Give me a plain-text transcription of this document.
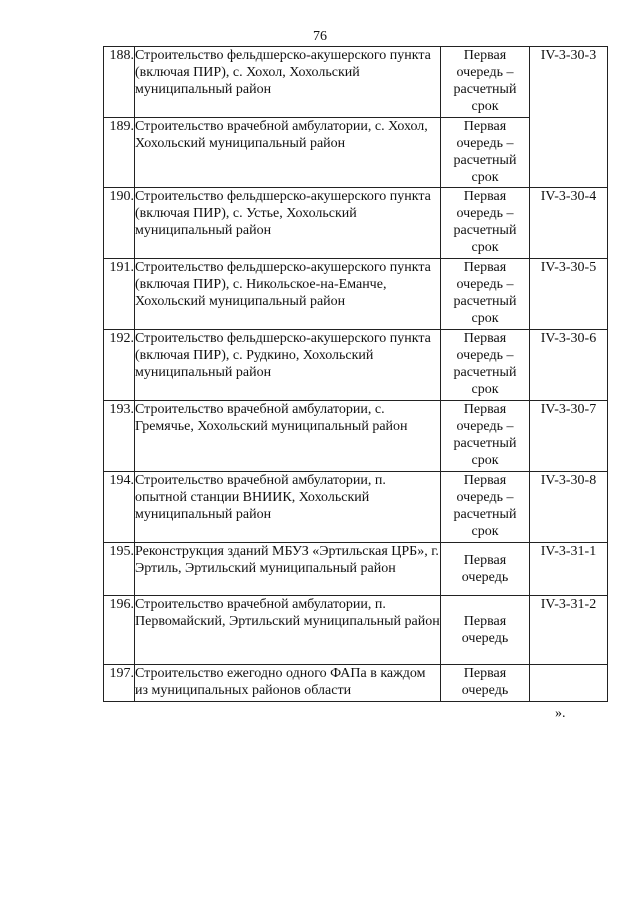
76
188.	Строительство фельдшерско-акушерского пункта (включая ПИР), с. Хохол, Хохольский муниципальный район	Первая очередь – расчетный срок	IV-3-30-3
189.	Строительство врачебной амбулатории, с. Хохол, Хохольский муниципальный район	Первая очередь – расчетный срок	
190.	Строительство фельдшерско-акушерского пункта (включая ПИР), с. Устье, Хохольский муниципальный район	Первая очередь – расчетный срок	IV-3-30-4
191.	Строительство фельдшерско-акушерского пункта (включая ПИР), с. Никольское-на-Еманче, Хохольский муниципальный район	Первая очередь – расчетный срок	IV-3-30-5
192.	Строительство фельдшерско-акушерского пункта (включая ПИР), с. Рудкино, Хохольский муниципальный район	Первая очередь – расчетный срок	IV-3-30-6
193.	Строительство врачебной амбулатории, с. Гремячье, Хохольский муниципальный район	Первая очередь – расчетный срок	IV-3-30-7
194.	Строительство врачебной амбулатории, п. опытной станции ВНИИК, Хохольский муниципальный район	Первая очередь – расчетный срок	IV-3-30-8
195.	Реконструкция зданий МБУЗ «Эртильская ЦРБ», г. Эртиль, Эртильский муниципальный район	Первая очередь	IV-3-31-1
196.	Строительство врачебной амбулатории, п. Первомайский, Эртильский муниципальный район	Первая очередь	IV-3-31-2
197.	Строительство ежегодно одного ФАПа в каждом из муниципальных районов области	Первая очередь	
».
